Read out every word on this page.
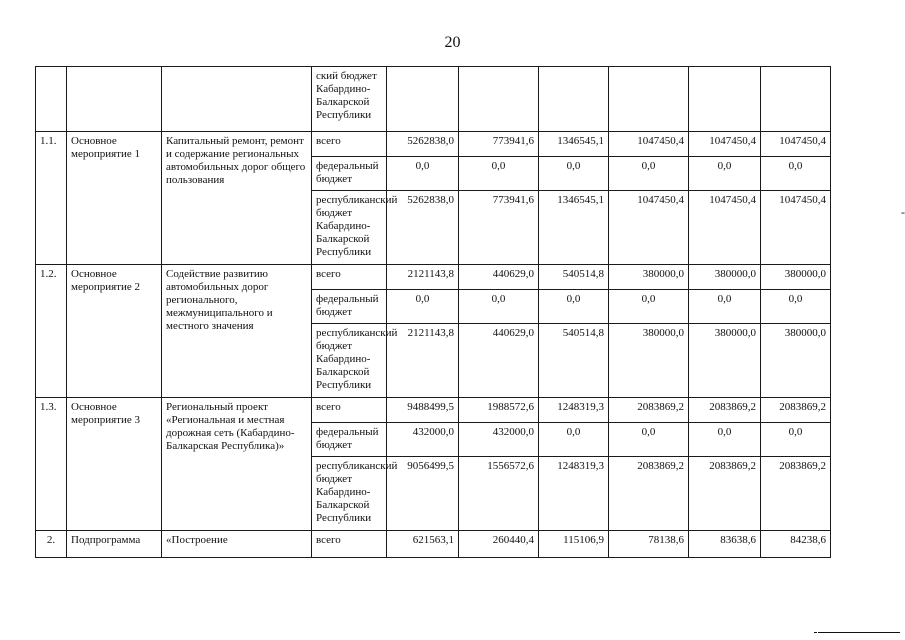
20
			ский бюджет Кабардино-Балкарской Республики						
1.1.	Основное мероприятие 1	Капитальный ремонт, ремонт и содержание региональных автомобильных дорог общего пользования	всего	5262838,0	773941,6	1346545,1	1047450,4	1047450,4	1047450,4
			федеральный бюджет	0,0	0,0	0,0	0,0	0,0	0,0
			республиканский бюджет Кабардино-Балкарской Республики	5262838,0	773941,6	1346545,1	1047450,4	1047450,4	1047450,4
1.2.	Основное мероприятие 2	Содействие развитию автомобильных дорог регионального, межмуниципального и местного значения	всего	2121143,8	440629,0	540514,8	380000,0	380000,0	380000,0
			федеральный бюджет	0,0	0,0	0,0	0,0	0,0	0,0
			республиканский бюджет Кабардино-Балкарской Республики	2121143,8	440629,0	540514,8	380000,0	380000,0	380000,0
1.3.	Основное мероприятие 3	Региональный проект «Региональная и местная дорожная сеть (Кабардино-Балкарская Республика)»	всего	9488499,5	1988572,6	1248319,3	2083869,2	2083869,2	2083869,2
			федеральный бюджет	432000,0	432000,0	0,0	0,0	0,0	0,0
			республиканский бюджет Кабардино-Балкарской Республики	9056499,5	1556572,6	1248319,3	2083869,2	2083869,2	2083869,2
2.	Подпрограмма	«Построение	всего	621563,1	260440,4	115106,9	78138,6	83638,6	84238,6
-
